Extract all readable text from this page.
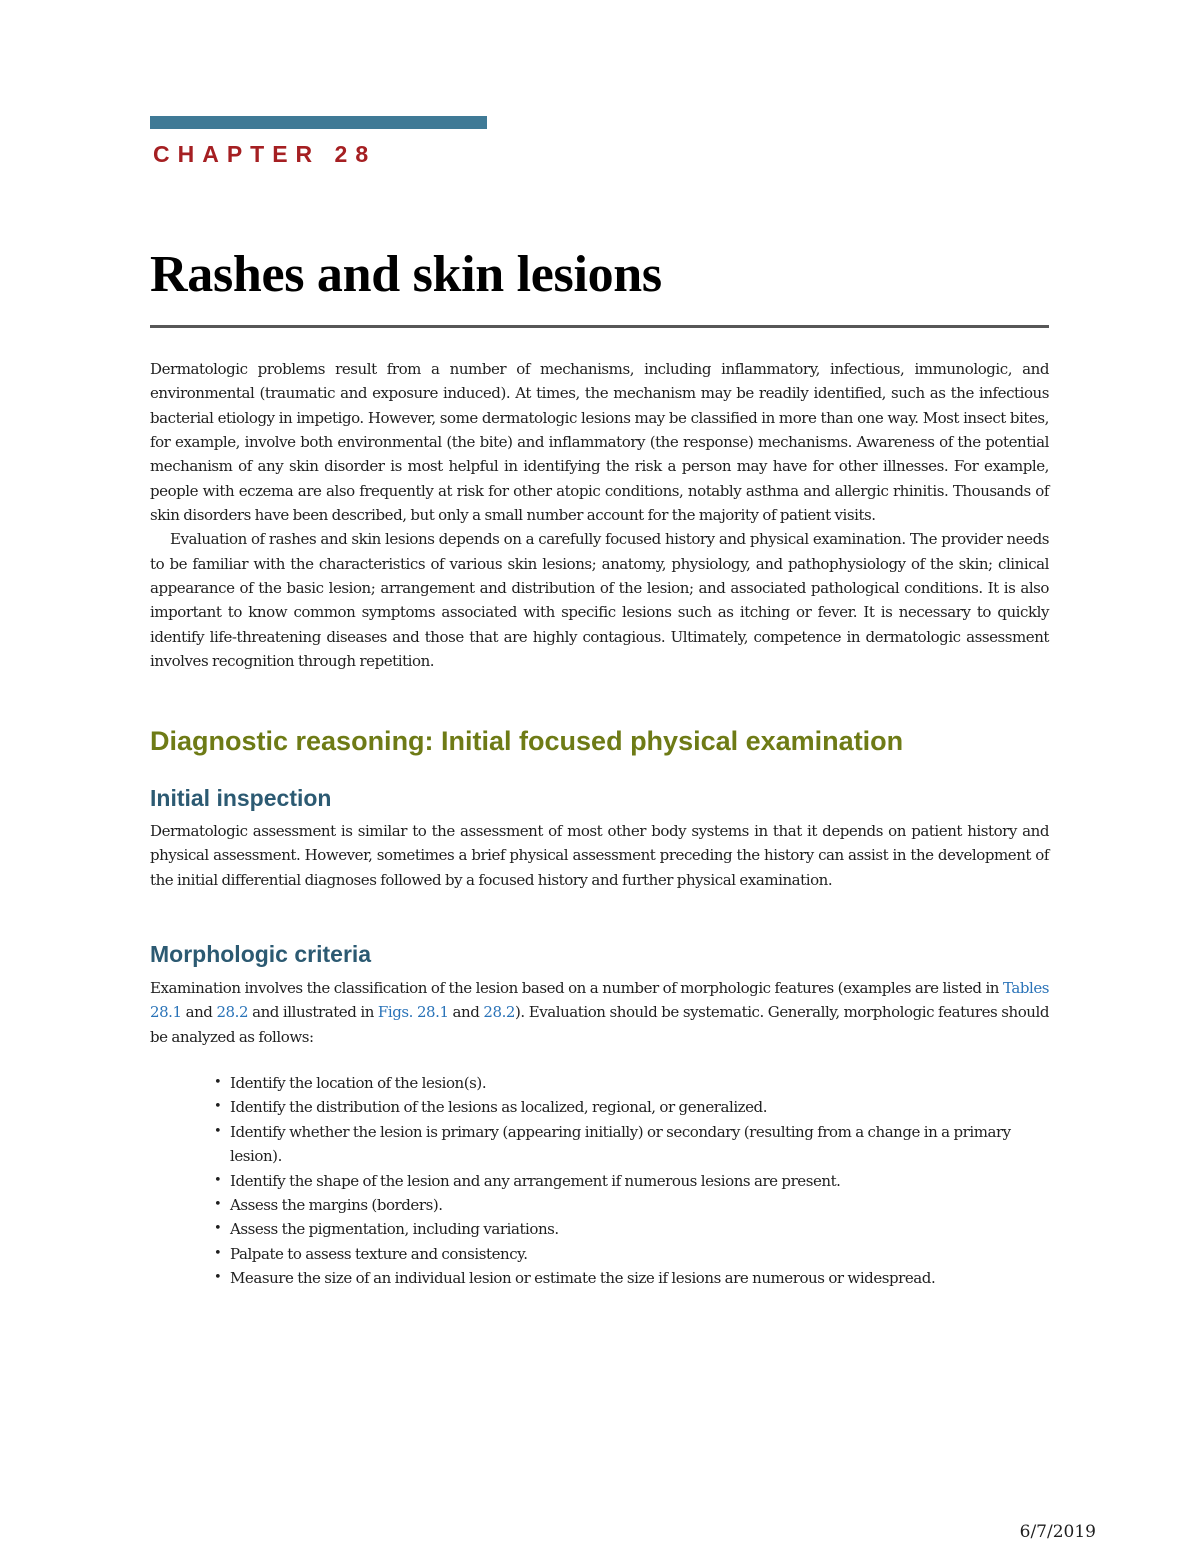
CHAPTER 28
Rashes and skin lesions

Dermatologic problems result from a number of mechanisms, including inflammatory, infectious, immunologic, and environmental (traumatic and exposure induced). At times, the mechanism may be readily identified, such as the infectious bacterial etiology in impetigo. However, some dermatologic lesions may be classified in more than one way. Most insect bites, for example, involve both environmental (the bite) and inflammatory (the response) mechanisms. Awareness of the potential mechanism of any skin disorder is most helpful in identifying the risk a person may have for other illnesses. For example, people with eczema are also frequently at risk for other atopic conditions, notably asthma and allergic rhinitis. Thousands of skin disorders have been described, but only a small number account for the majority of patient visits.

Evaluation of rashes and skin lesions depends on a carefully focused history and physical examination. The provider needs to be familiar with the characteristics of various skin lesions; anatomy, physiology, and pathophysiology of the skin; clinical appearance of the basic lesion; arrangement and distribution of the lesion; and associated pathological conditions. It is also important to know common symptoms associated with specific lesions such as itching or fever. It is necessary to quickly identify life-threatening diseases and those that are highly contagious. Ultimately, competence in dermatologic assessment involves recognition through repetition.

Diagnostic reasoning: Initial focused physical examination
Initial inspection

Dermatologic assessment is similar to the assessment of most other body systems in that it depends on patient history and physical assessment. However, sometimes a brief physical assessment preceding the history can assist in the development of the initial differential diagnoses followed by a focused history and further physical examination.

Morphologic criteria

Examination involves the classification of the lesion based on a number of morphologic features (examples are listed in Tables 28.1 and 28.2 and illustrated in Figs. 28.1 and 28.2). Evaluation should be systematic. Generally, morphologic features should be analyzed as follows:

• Identify the location of the lesion(s).
• Identify the distribution of the lesions as localized, regional, or generalized.
• Identify whether the lesion is primary (appearing initially) or secondary (resulting from a change in a primary lesion).
• Identify the shape of the lesion and any arrangement if numerous lesions are present.
• Assess the margins (borders).
• Assess the pigmentation, including variations.
• Palpate to assess texture and consistency.
• Measure the size of an individual lesion or estimate the size if lesions are numerous or widespread.
6/7/2019
